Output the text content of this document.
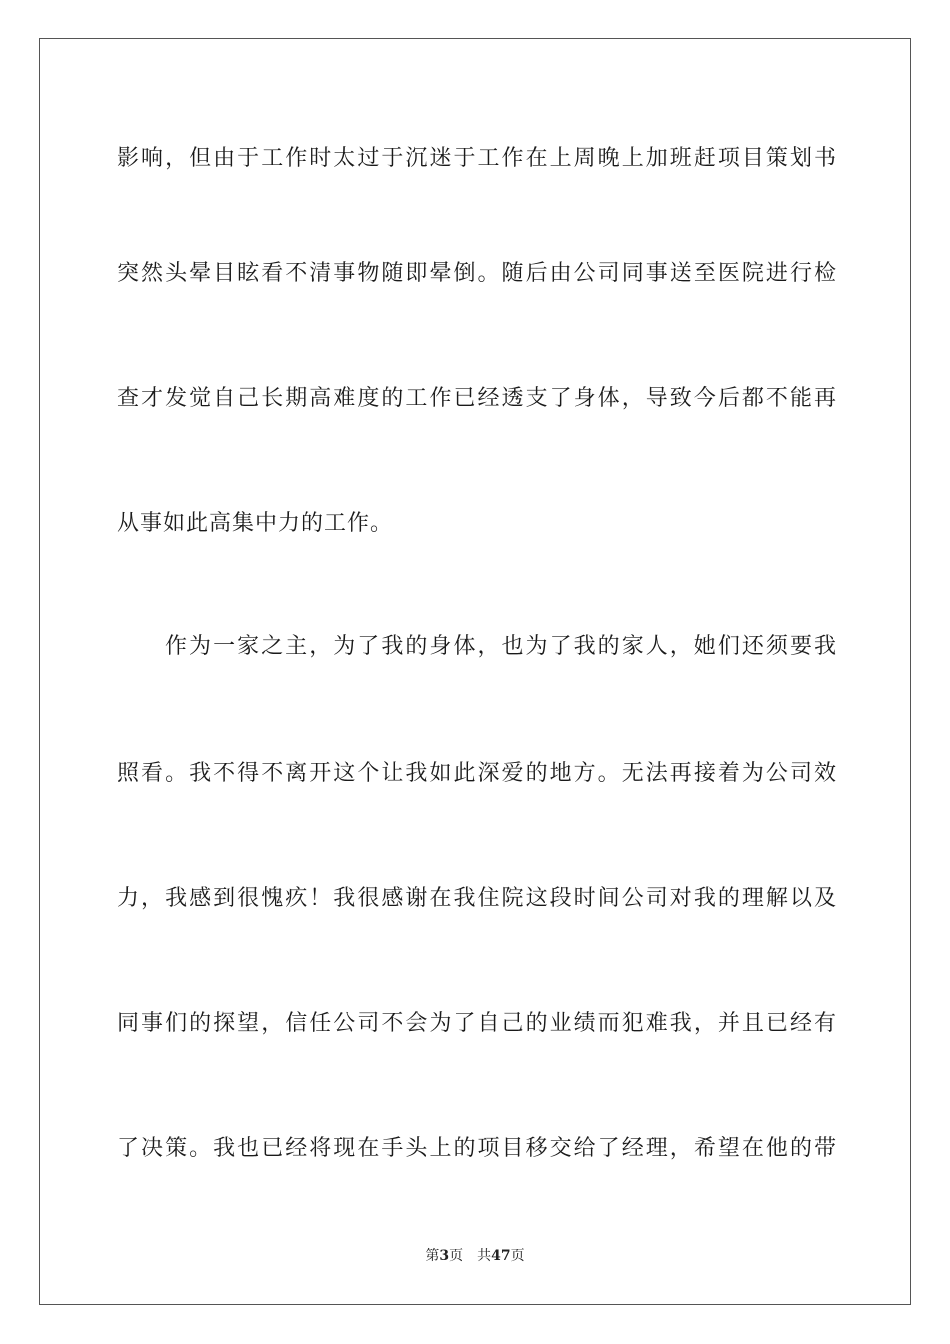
影响，但由于工作时太过于沉迷于工作在上周晚上加班赶项目策划书
突然头晕目眩看不清事物随即晕倒。随后由公司同事送至医院进行检
查才发觉自己长期高难度的工作已经透支了身体，导致今后都不能再
从事如此高集中力的工作。
作为一家之主，为了我的身体，也为了我的家人，她们还须要我
照看。我不得不离开这个让我如此深爱的地方。无法再接着为公司效
力，我感到很愧疚！我很感谢在我住院这段时间公司对我的理解以及
同事们的探望，信任公司不会为了自己的业绩而犯难我，并且已经有
了决策。我也已经将现在手头上的项目移交给了经理，希望在他的带
第3页 共47页
